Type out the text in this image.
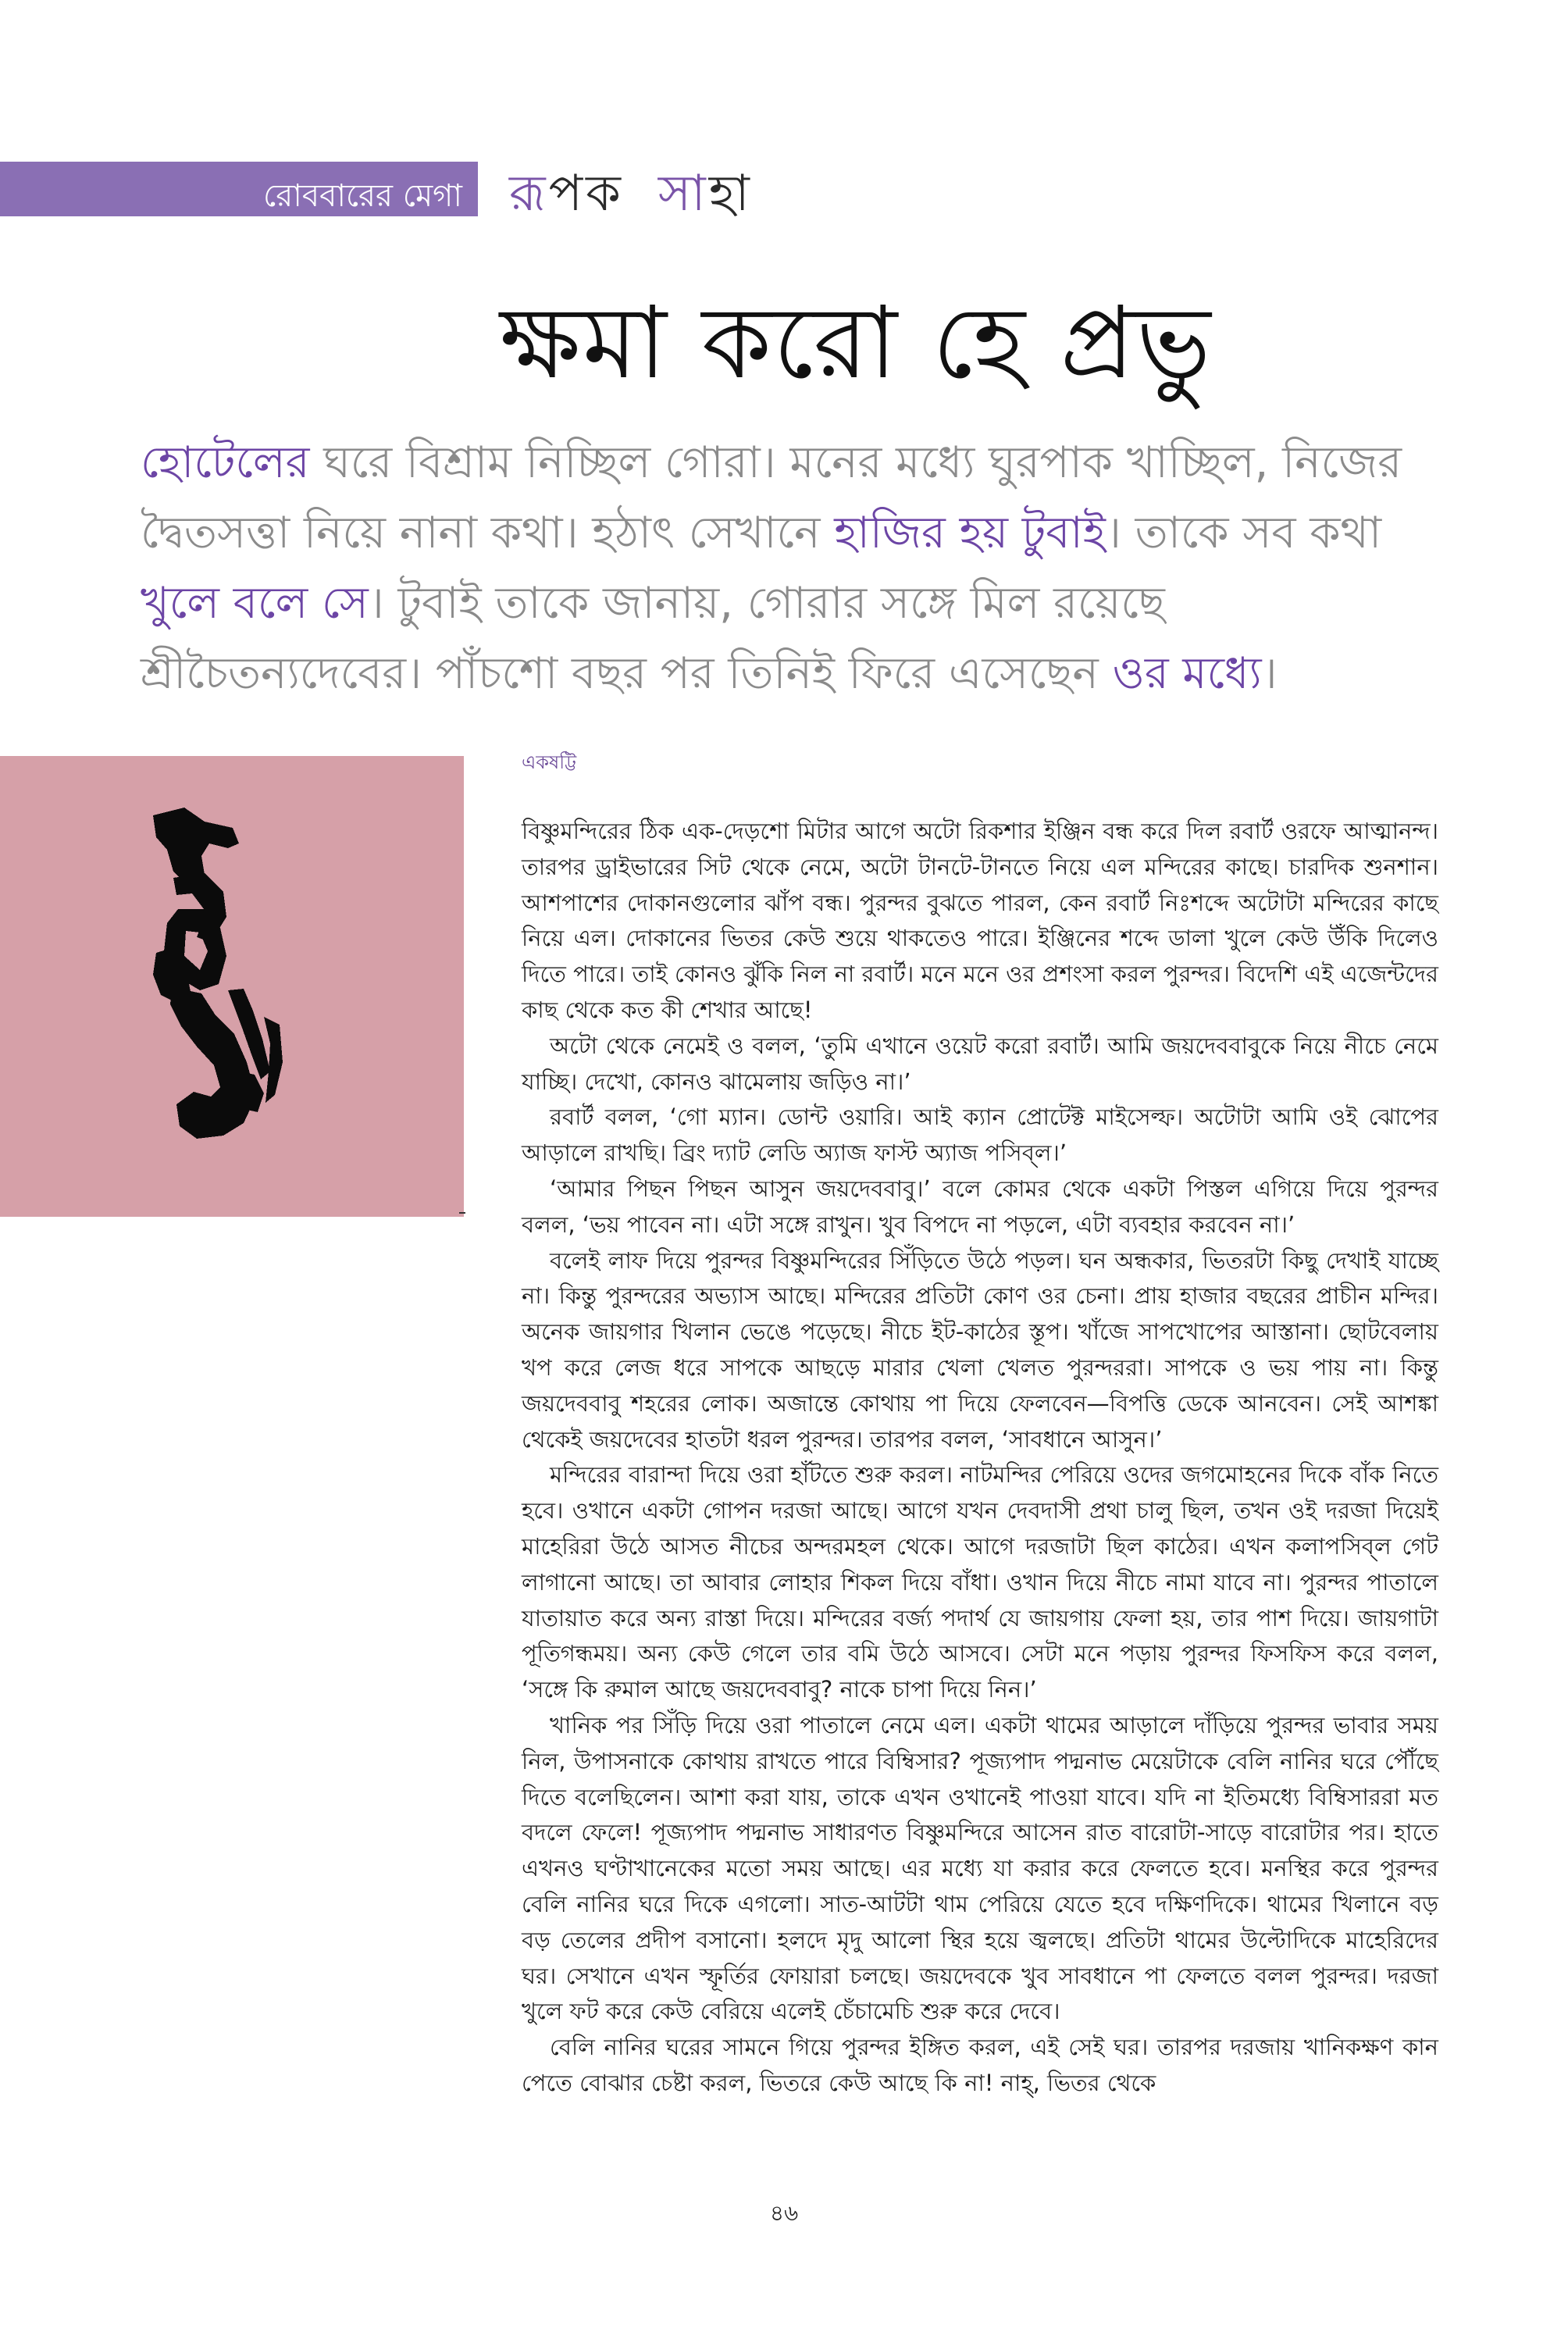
রোববারের মেগা রূ প ক সা হা
ক্ষমা করো হে প্রভু

হোটেলের ঘরে বিশ্রাম নিচ্ছিল গোরা। মনের মধ্যে ঘুরপাক খাচ্ছিল, নিজের দ্বৈতসত্তা নিয়ে নানা কথা। হঠাৎ সেখানে হাজির হয় টুবাই। তাকে সব কথা খুলে বলে সে। টুবাই তাকে জানায়, গোরার সঙ্গে মিল রয়েছে শ্রীচৈতন্যদেবের। পাঁচশো বছর পর তিনিই ফিরে এসেছেন ওর মধ্যে।

একষট্টি

বিষ্ণুমন্দিরের ঠিক এক-দেড়শো মিটার আগে অটো রিকশার ইঞ্জিন বন্ধ করে দিল রবার্ট ওরফে আত্মানন্দ। তারপর ড্রাইভারের সিট থেকে নেমে, অটো টানটে-টানতে নিয়ে এল মন্দিরের কাছে। চারদিক শুনশান। আশপাশের দোকানগুলোর ঝাঁপ বন্ধ। পুরন্দর বুঝতে পারল, কেন রবার্ট নিঃশব্দে অটোটা মন্দিরের কাছে নিয়ে এল। দোকানের ভিতর কেউ শুয়ে থাকতেও পারে। ইঞ্জিনের শব্দে ডালা খুলে কেউ উঁকি দিলেও দিতে পারে। তাই কোনও ঝুঁকি নিল না রবার্ট। মনে মনে ওর প্রশংসা করল পুরন্দর। বিদেশি এই এজেন্টদের কাছ থেকে কত কী শেখার আছে!

অটো থেকে নেমেই ও বলল, ‘তুমি এখানে ওয়েট করো রবার্ট। আমি জয়দেববাবুকে নিয়ে নীচে নেমে যাচ্ছি। দেখো, কোনও ঝামেলায় জড়িও না।’

রবার্ট বলল, ‘গো ম্যান। ডোন্ট ওয়ারি। আই ক্যান প্রোটেক্ট মাইসেল্ফ। অটোটা আমি ওই ঝোপের আড়ালে রাখছি। ব্রিং দ্যাট লেডি অ্যাজ ফাস্ট অ্যাজ পসিব্‌ল।’

‘আমার পিছন পিছন আসুন জয়দেববাবু।’ বলে কোমর থেকে একটা পিস্তল এগিয়ে দিয়ে পুরন্দর বলল, ‘ভয় পাবেন না। এটা সঙ্গে রাখুন। খুব বিপদে না পড়লে, এটা ব্যবহার করবেন না।’

বলেই লাফ দিয়ে পুরন্দর বিষ্ণুমন্দিরের সিঁড়িতে উঠে পড়ল। ঘন অন্ধকার, ভিতরটা কিছু দেখাই যাচ্ছে না। কিন্তু পুরন্দরের অভ্যাস আছে। মন্দিরের প্রতিটা কোণ ওর চেনা। প্রায় হাজার বছরের প্রাচীন মন্দির। অনেক জায়গার খিলান ভেঙে পড়েছে। নীচে ইট-কাঠের স্তূপ। খাঁজে সাপখোপের আস্তানা। ছোটবেলায় খপ করে লেজ ধরে সাপকে আছড়ে মারার খেলা খেলত পুরন্দররা। সাপকে ও ভয় পায় না। কিন্তু জয়দেববাবু শহরের লোক। অজান্তে কোথায় পা দিয়ে ফেলবেন—বিপত্তি ডেকে আনবেন। সেই আশঙ্কা থেকেই জয়দেবের হাতটা ধরল পুরন্দর। তারপর বলল, ‘সাবধানে আসুন।’

মন্দিরের বারান্দা দিয়ে ওরা হাঁটতে শুরু করল। নাটমন্দির পেরিয়ে ওদের জগমোহনের দিকে বাঁক নিতে হবে। ওখানে একটা গোপন দরজা আছে। আগে যখন দেবদাসী প্রথা চালু ছিল, তখন ওই দরজা দিয়েই মাহেরিরা উঠে আসত নীচের অন্দরমহল থেকে। আগে দরজাটা ছিল কাঠের। এখন কলাপসিব্‌ল গেট লাগানো আছে। তা আবার লোহার শিকল দিয়ে বাঁধা। ওখান দিয়ে নীচে নামা যাবে না। পুরন্দর পাতালে যাতায়াত করে অন্য রাস্তা দিয়ে। মন্দিরের বর্জ্য পদার্থ যে জায়গায় ফেলা হয়, তার পাশ দিয়ে। জায়গাটা পূতিগন্ধময়। অন্য কেউ গেলে তার বমি উঠে আসবে। সেটা মনে পড়ায় পুরন্দর ফিসফিস করে বলল, ‘সঙ্গে কি রুমাল আছে জয়দেববাবু? নাকে চাপা দিয়ে নিন।’

খানিক পর সিঁড়ি দিয়ে ওরা পাতালে নেমে এল। একটা থামের আড়ালে দাঁড়িয়ে পুরন্দর ভাবার সময় নিল, উপাসনাকে কোথায় রাখতে পারে বিম্বিসার? পূজ্যপাদ পদ্মনাভ মেয়েটাকে বেলি নানির ঘরে পৌঁছে দিতে বলেছিলেন। আশা করা যায়, তাকে এখন ওখানেই পাওয়া যাবে। যদি না ইতিমধ্যে বিম্বিসাররা মত বদলে ফেলে! পূজ্যপাদ পদ্মনাভ সাধারণত বিষ্ণুমন্দিরে আসেন রাত বারোটা-সাড়ে বারোটার পর। হাতে এখনও ঘণ্টাখানেকের মতো সময় আছে। এর মধ্যে যা করার করে ফেলতে হবে। মনস্থির করে পুরন্দর বেলি নানির ঘরে দিকে এগলো। সাত-আটটা থাম পেরিয়ে যেতে হবে দক্ষিণদিকে। থামের খিলানে বড় বড় তেলের প্রদীপ বসানো। হলদে মৃদু আলো স্থির হয়ে জ্বলছে। প্রতিটা থামের উল্টোদিকে মাহেরিদের ঘর। সেখানে এখন স্ফূর্তির ফোয়ারা চলছে। জয়দেবকে খুব সাবধানে পা ফেলতে বলল পুরন্দর। দরজা খুলে ফট করে কেউ বেরিয়ে এলেই চেঁচামেচি শুরু করে দেবে।

বেলি নানির ঘরের সামনে গিয়ে পুরন্দর ইঙ্গিত করল, এই সেই ঘর। তারপর দরজায় খানিকক্ষণ কান পেতে বোঝার চেষ্টা করল, ভিতরে কেউ আছে কি না! নাহ্‌, ভিতর থেকে

৪৬
